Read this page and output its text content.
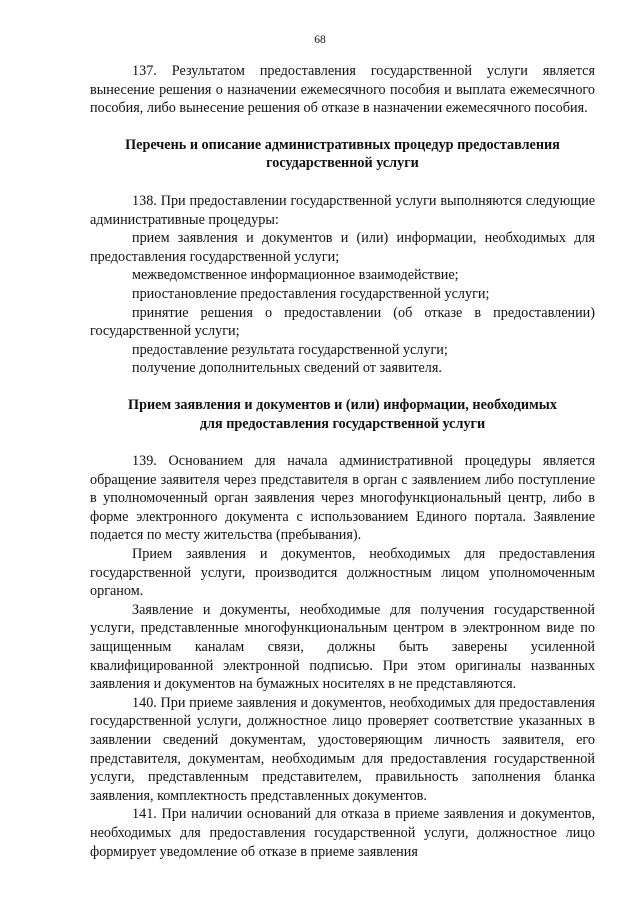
68

137. Результатом предоставления государственной услуги является вынесение решения о назначении ежемесячного пособия и выплата ежемесячного пособия, либо вынесение решения об отказе в назначении ежемесячного пособия.

Перечень и описание административных процедур предоставления
государственной услуги

138. При предоставлении государственной услуги выполняются следующие административные процедуры:

прием заявления и документов и (или) информации, необходимых для предоставления государственной услуги;

межведомственное информационное взаимодействие;

приостановление предоставления государственной услуги;

принятие решения о предоставлении (об отказе в предоставлении) государственной услуги;

предоставление результата государственной услуги;

получение дополнительных сведений от заявителя.

Прием заявления и документов и (или) информации, необходимых
для предоставления государственной услуги

139. Основанием для начала административной процедуры является обращение заявителя через представителя в орган с заявлением либо поступление в уполномоченный орган заявления через многофункциональный центр, либо в форме электронного документа с использованием Единого портала. Заявление подается по месту жительства (пребывания).

Прием заявления и документов, необходимых для предоставления государственной услуги, производится должностным лицом уполномоченным органом.

Заявление и документы, необходимые для получения государственной услуги, представленные многофункциональным центром в электронном виде по защищенным каналам связи, должны быть заверены усиленной квалифицированной электронной подписью. При этом оригиналы названных заявления и документов на бумажных носителях в не представляются.

140. При приеме заявления и документов, необходимых для предоставления государственной услуги, должностное лицо проверяет соответствие указанных в заявлении сведений документам, удостоверяющим личность заявителя, его представителя, документам, необходимым для предоставления государственной услуги, представленным представителем, правильность заполнения бланка заявления, комплектность представленных документов.

141. При наличии оснований для отказа в приеме заявления и документов, необходимых для предоставления государственной услуги, должностное лицо формирует уведомление об отказе в приеме заявления
